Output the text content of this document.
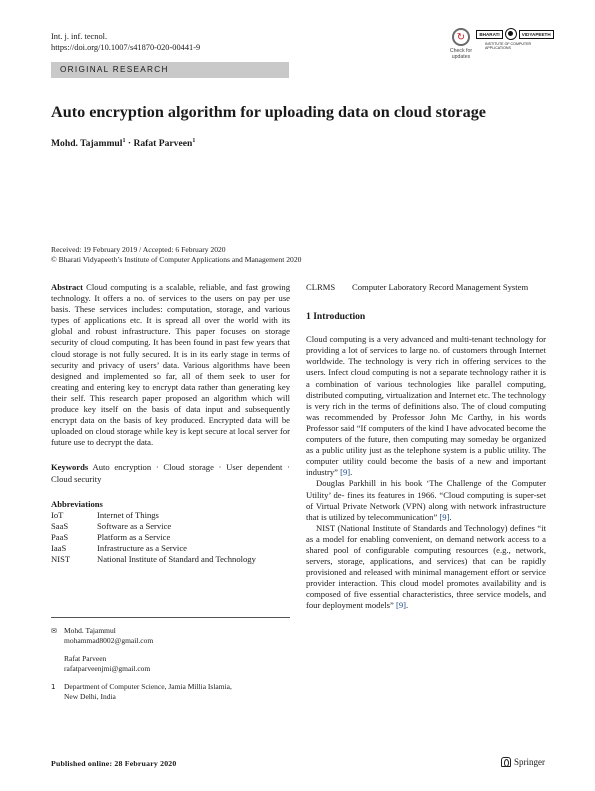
Int. j. inf. tecnol.
https://doi.org/10.1007/s41870-020-00441-9
↻
Check for
updates
BHARATI	VIDYAPEETH
INSTITUTE OF COMPUTER APPLICATIONS
ORIGINAL RESEARCH
Auto encryption algorithm for uploading data on cloud storage
Mohd. Tajammul$^1$ · Rafat Parveen$^1$
Received: 19 February 2019 / Accepted: 6 February 2020
© Bharati Vidyapeeth’s Institute of Computer Applications and Management 2020

Abstract Cloud computing is a scalable, reliable, and fast growing technology. It offers a no. of services to the users on pay per use basis. These services includes: computation, storage, and various types of applications etc. It is spread all over the world with its global and robust infrastructure. This paper focuses on storage security of cloud computing. It has been found in past few years that cloud storage is not fully secured. It is in its early stage in terms of security and privacy of users’ data. Various algorithms have been designed and implemented so far, all of them seek to user for creating and entering key to encrypt data rather than generating key their self. This research paper proposed an algorithm which will produce key itself on the basis of data input and subsequently encrypt data on the basis of key produced. Encrypted data will be uploaded on cloud storage while key is kept secure at local server for future use to decrypt the data.

Keywords Auto encryption · Cloud storage · User dependent · Cloud security

Abbreviations
IoT	Internet of Things
SaaS	Software as a Service
PaaS	Platform as a Service
IaaS	Infrastructure as a Service
NIST	National Institute of Standard and Technology
✉ Mohd. Tajammul
mohammad8002@gmail.com
Rafat Parveen
rafatparveenjmi@gmail.com
1	Department of Computer Science, Jamia Millia Islamia,
New Delhi, India
CLRMS	Computer Laboratory Record Management System
1 Introduction

Cloud computing is a very advanced and multi-tenant technology for providing a lot of services to large no. of customers through Internet worldwide. The technology is very rich in offering services to the users. Infect cloud computing is not a separate technology rather it is a combination of various technologies like parallel computing, distributed computing, virtualization and Internet etc. The technology is very rich in the terms of definitions also. The of cloud computing was recommended by Professor John Mc Carthy, in his words Professor said “If computers of the kind I have advocated become the computers of the future, then computing may someday be organized as a public utility just as the telephone system is a public utility. The computer utility could become the basis of a new and important industry” [9].

Douglas Parkhill in his book ‘The Challenge of the Computer Utility’ de- fines its features in 1966. “Cloud computing is super-set of Virtual Private Network (VPN) along with network infrastructure that is utilized by telecommunication” [9].

NIST (National Institute of Standards and Technology) defines “it as a model for enabling convenient, on demand network access to a shared pool of configurable computing resources (e.g., network, servers, storage, applications, and services) that can be rapidly provisioned and released with minimal management effort or service provider interaction. This cloud model promotes availability and is composed of five essential characteristics, three service models, and four deployment models” [9].

Published online: 28 February 2020	Springer
